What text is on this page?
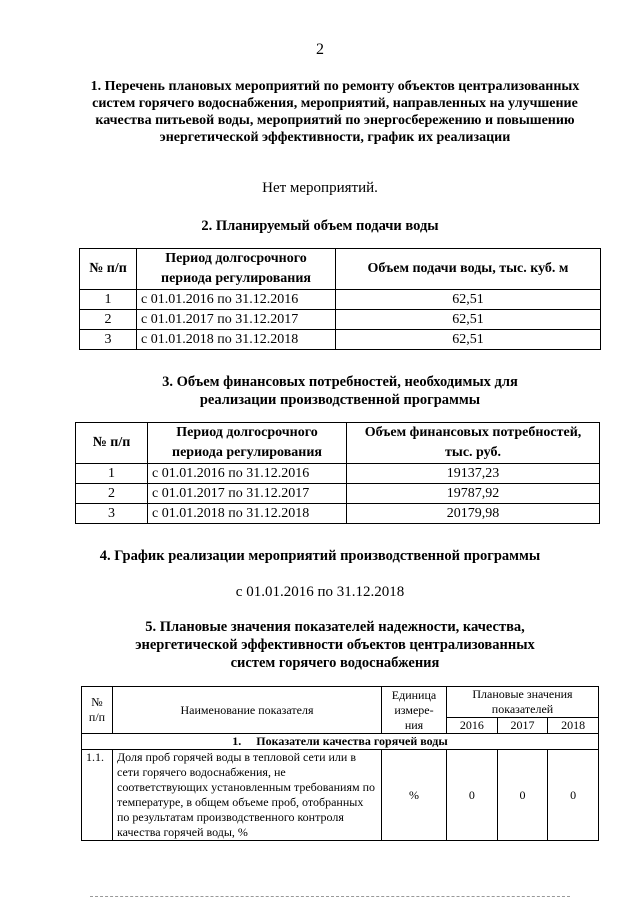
2
1. Перечень плановых мероприятий по ремонту объектов централизованных систем горячего водоснабжения, мероприятий, направленных на улучшение качества питьевой воды, мероприятий по энергосбережению и повышению энергетической эффективности, график их реализации
Нет мероприятий.
2. Планируемый объем подачи воды
№ п/п	Период долгосрочного периода регулирования	Объем подачи воды, тыс. куб. м
1	с 01.01.2016 по 31.12.2016	62,51
2	с 01.01.2017 по 31.12.2017	62,51
3	с 01.01.2018 по 31.12.2018	62,51
3. Объем финансовых потребностей, необходимых для реализации производственной программы
№ п/п	Период долгосрочного периода регулирования	Объем финансовых потребностей, тыс. руб.
1	с 01.01.2016 по 31.12.2016	19137,23
2	с 01.01.2017 по 31.12.2017	19787,92
3	с 01.01.2018 по 31.12.2018	20179,98
4. График реализации мероприятий производственной программы
с 01.01.2016 по 31.12.2018
5. Плановые значения показателей надежности, качества, энергетической эффективности объектов централизованных систем горячего водоснабжения
№ п/п	Наименование показателя	Единица измере-ния	Плановые значения показателей		
			2016	2017	2018
1. Показатели качества горячей воды					
1.1.	Доля проб горячей воды в тепловой сети или в сети горячего водоснабжения, не соответствующих установленным требованиям по температуре, в общем объеме проб, отобранных по результатам производственного контроля качества горячей воды, %	%	0	0	0
